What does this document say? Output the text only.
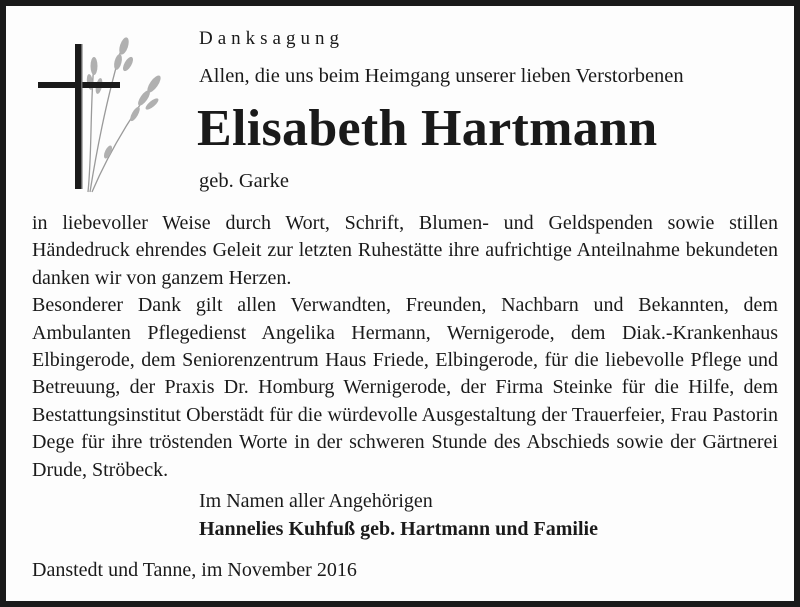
Danksagung
Allen, die uns beim Heimgang unserer lieben Verstorbenen
Elisabeth Hartmann
geb. Garke

in liebevoller Weise durch Wort, Schrift, Blumen- und Geldspenden sowie stillen Händedruck ehrendes Geleit zur letzten Ruhestätte ihre aufrichtige Anteilnahme bekundeten danken wir von ganzem Herzen.

Besonderer Dank gilt allen Verwandten, Freunden, Nachbarn und Bekannten, dem Ambulanten Pflegedienst Angelika Hermann, Wernigerode, dem Diak.-Krankenhaus Elbingerode, dem Seniorenzentrum Haus Friede, Elbingerode, für die liebevolle Pflege und Betreuung, der Praxis Dr. Homburg Wernigerode, der Firma Steinke für die Hilfe, dem Bestattungsinstitut Oberstädt für die würdevolle Ausgestaltung der Trauerfeier, Frau Pastorin Dege für ihre tröstenden Worte in der schweren Stunde des Abschieds sowie der Gärtnerei Drude, Ströbeck.

Im Namen aller Angehörigen
Hannelies Kuhfuß geb. Hartmann und Familie
Danstedt und Tanne, im November 2016
